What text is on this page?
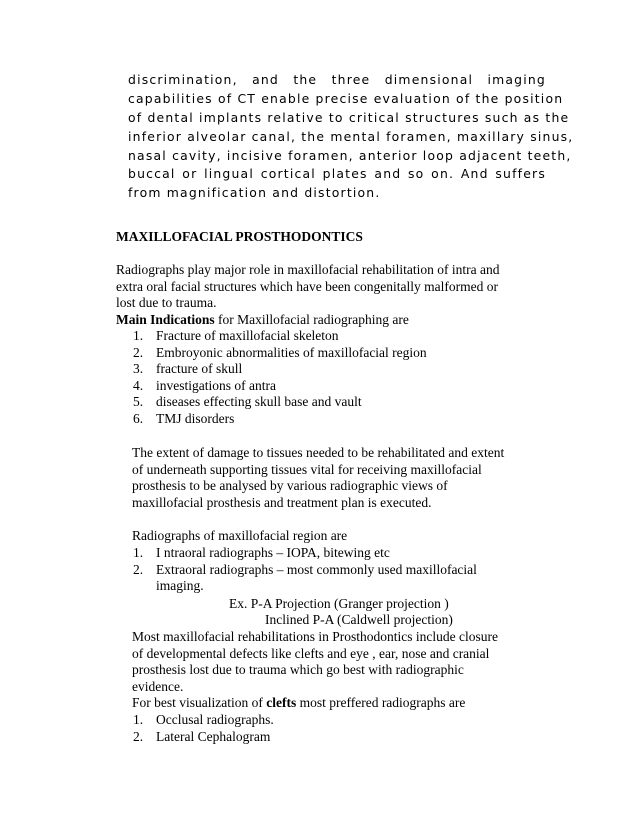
discrimination, and the three dimensional imaging
capabilities of CT enable precise evaluation of the position
of dental implants relative to critical structures such as the
inferior alveolar canal, the mental foramen, maxillary sinus,
nasal cavity, incisive foramen, anterior loop adjacent teeth,
buccal or lingual cortical plates and so on. And suffers
from magnification and distortion.
MAXILLOFACIAL PROSTHODONTICS
Radiographs play major role in maxillofacial rehabilitation of intra and
extra oral facial structures which have been congenitally malformed or
lost due to trauma.
Main Indications for Maxillofacial radiographing are
1. Fracture of maxillofacial skeleton
2. Embroyonic abnormalities of maxillofacial region
3. fracture of skull
4. investigations of antra
5. diseases effecting skull base and vault
6. TMJ disorders
The extent of damage to tissues needed to be rehabilitated and extent
of underneath supporting tissues vital for receiving maxillofacial
prosthesis to be analysed by various radiographic views of
maxillofacial prosthesis and treatment plan is executed.
Radiographs of maxillofacial region are
1. I ntraoral radiographs – IOPA, bitewing etc
2. Extraoral radiographs – most commonly used maxillofacial
imaging.
Ex. P-A Projection (Granger projection )
Inclined P-A (Caldwell projection)
Most maxillofacial rehabilitations in Prosthodontics include closure
of developmental defects like clefts and eye , ear, nose and cranial
prosthesis lost due to trauma which go best with radiographic
evidence.
For best visualization of clefts most preffered radiographs are
1. Occlusal radiographs.
2. Lateral Cephalogram
